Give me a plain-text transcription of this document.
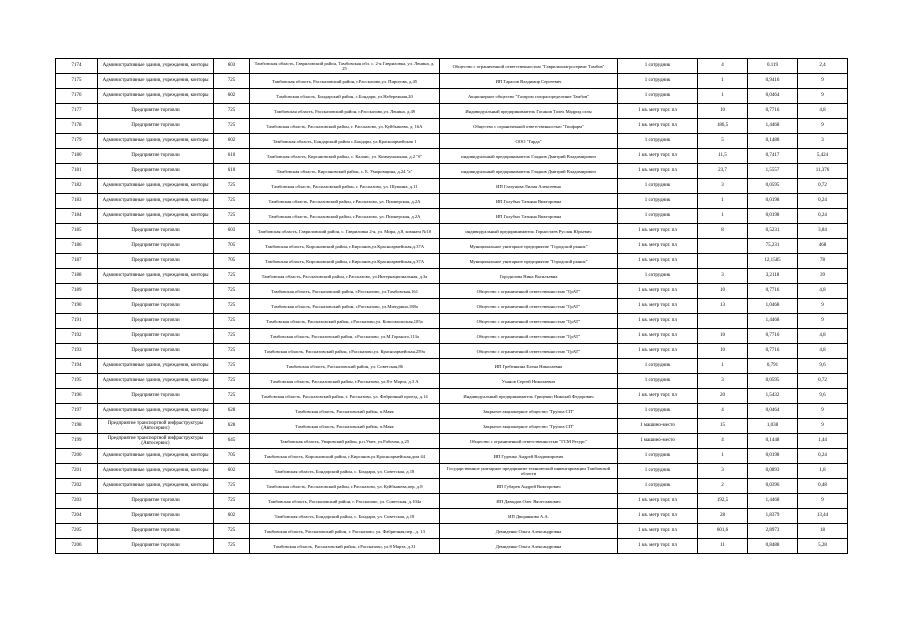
7174	Административные здания, учреждения, конторы	603	Тамбовская область, Гавриловский район, Тамбовская обл. с. 2-я Гавриловка, ул. Ленина, д. 25	Общество с ограниченной ответственностью "Гаврилмолагросервис Тамбов"	1 сотрудник	4	0.119	2,4
7175	Административные здания, учреждения, конторы	725	Тамбовская область, Рассказовский район, г.Рассказово,ул. Пирогова, д.45	ИП Тарасов Владимир Сергеевич	1 сотрудник	1	0,9416	9
7176	Административные здания, учреждения, конторы	602	Тамбовская область, Бондарский район, с.Бондари, ул.Набережная,20	Акционерное общество "Газпром газораспределение Тамбов"	1 сотрудник	1	0,0464	9
7177	Предприятие торговли	725	Тамбовская область, Рассказовский район, г.Рассказово,ул. Ленина, д.49	Индивидуальный предприниматель Гасанов Талех Мадрид оглы	1 кв. метр торг. пл	10	0,7716	4,8
7178	Предприятие торговли	725	Тамбовская область, Рассказовский район, г. Рассказово, ул. Куйбышева, д. 16А	Общество с ограниченной ответственностью "Гиофарм"	1 кв. метр торг. пл	186,5	1,4468	9
7179	Административные здания, учреждения, конторы	602	Тамбовская область, Бондарский район с.Бондари, ул.Красноармейская 1	ООО "Гарда"	1 сотрудник	5	0,1488	3
7180	Предприятие торговли	610	Тамбовская область, Кирсановский район, с. Калаис, ул. Коммунальная, д.2 "б"	индивидуальный предприниматель Гладков Дмитрий Владимирович	1 кв. метр торг. пл	11,5	0,7417	5,424
7181	Предприятие торговли	610	Тамбовская область, Кирсановский район, с. Б. Умаровщина, д.24 "а"	индивидуальный предприниматель Гладков Дмитрий Владимирович	1 кв. метр торг. пл	23,7	1,5557	11,376
7182	Административные здания, учреждения, конторы	725	Тамбовская область, Рассказовский район, г. Рассказово, ул. Шушина, д.11	ИП Глазунова Лилия Алексеевна	1 сотрудник	3	0,0595	0,72
7183	Административные здания, учреждения, конторы	725	Тамбовская область, Рассказовский район, г.Рассказово, ул. Пионерская, д.2А	ИП Голубых Татьяна Викторовна	1 сотрудник	1	0,0198	0,24
7184	Административные здания, учреждения, конторы	725	Тамбовская область, Рассказовский район, г.Рассказово, ул. Пионерская, д.2А	ИП Голубых Татьяна Викторовна	1 сотрудник	1	0,0198	0,24
7185	Предприятие торговли	603	Тамбовская область, Гавриловский район, с. Гавриловка 2-я, ул. Мира, д.8, комната №10	индивидуальный предприниматель Горностаев Руслан Юрьевич	1 кв. метр торг. пл	8	0,5231	3,84
7186	Предприятие торговли	705	Тамбовская область, Кирсановский район, г.Кирсанов,ул.Красноармейская,д.37А	Муниципальное унитарное предприятие "Городской рынок"	1 кв. метр торг. пл		75,231	468
7187	Предприятие торговли	705	Тамбовская область, Кирсановский район, г.Кирсанов,ул.Красноармейская,д.37А	Муниципальное унитарное предприятие "Городской рынок"	1 кв. метр торг. пл		12,1585	78
7188	Административные здания, учреждения, конторы	725	Тамбовская область, Рассказовский район, г.Рассказово, ул.Интернациональная, д.3а	Городилова Нина Васильевна	1 сотрудник	3	3,2118	39
7189	Предприятие торговли	725	Тамбовская область, Рассказовский район, г.Рассказово, ул.Тамбовская,161	Общество с ограниченной ответственностью "ГрАТ"	1 кв. метр торг. пл	10	0,7716	4,8
7190	Предприятие торговли	725	Тамбовская область, Рассказовский район, г.Рассказово, ул.Мичурина,188а	Общество с ограниченной ответственностью "ГрАТ"	1 кв. метр торг. пл	13	1,0468	9
7191	Предприятие торговли	725	Тамбовская область, Рассказовский район, г.Рассказово,ул. Комсомольская,105а	Общество с ограниченной ответственностью "ГрАТ"	1 кв. метр торг. пл		1,4468	9
7192	Предприятие торговли	725	Тамбовская область, Рассказовский район, г.Рассказово, ул.М.Горького,113а	Общество с ограниченной ответственностью "ГрАТ"	1 кв. метр торг. пл	10	0,7716	4,8
7193	Предприятие торговли	725	Тамбовская область, Рассказовский район, г.Рассказово,ул. Красноармейская,259а	Общество с ограниченной ответственностью "ГрАТ"	1 кв. метр торг. пл	10	0,7716	4,8
7194	Административные здания, учреждения, конторы	725	Тамбовская область, Рассказовский район, ул. Советская,86	ИП Гребенкина Елена Николаевна	1 сотрудник	1	0,791	9,6
7195	Административные здания, учреждения, конторы	725	Тамбовская область, Рассказовский район, г.Рассказово, ул.8-е Марта, д.3 А	Уханов Сергей Николаевич	1 сотрудник	3	0,0595	0,72
7196	Предприятие торговли	725	Тамбовская область, Рассказовский район, г. Рассказово, ул. Фабричный проезд, д.14	Индивидуальный предприниматель Гриценко Николай Федорович	1 кв. метр торг. пл	20	1,5432	9,6
7197	Административные здания, учреждения, конторы	628	Тамбовская область, Рассказовский район, п.Маяк	Закрытое акционерное общество "Группа СП"	1 сотрудник	4	0,0464	9
7198	Предприятие транспортной инфраструктуры (Автосервис)	628	Тамбовская область, Рассказовский район, п.Маяк	Закрытое акционерное общество "Группа СП"	1 машино-место	15	1,038	9
7199	Предприятие транспортной инфраструктуры (Автосервис)	645	Тамбовская область, Уваровский район, р.п.Умет, ул.Рабочая, д.25	Общество с ограниченной ответственностью "ГСМ Ресурс"	1 машино-место	4	0,1448	1,44
7200	Административные здания, учреждения, конторы	705	Тамбовская область, Кирсановский район, г.Кирсанов,ул.Красноармейская,дом 44	ИП Гуденко Андрей Владимирович	1 сотрудник	1	0,0198	0,24
7201	Административные здания, учреждения, конторы	602	Тамбовская область, Бондарский район, с. Бондари, ул. Советская, д.18	Государственное унитарное предприятие технической инвентаризации Тамбовской области	1 сотрудник	3	0,0893	1,8
7202	Административные здания, учреждения, конторы	725	Тамбовская область, Рассказовский район, г.Рассказово, ул. Куйбышева,пер, д.8	ИП Губарев Андрей Викторович	1 сотрудник	2	0,0396	0,48
7203	Предприятие торговли	725	Тамбовская область, Рассказовский район, г. Рассказово, ул. Советская, д.104а	ИП Давыдов Олег Вячеславович	1 кв. метр торг. пл	192,5	1,4468	9
7204	Предприятие торговли	602	Тамбовская область, Бондарский район, с. Бондари, ул. Советская, д.18	ИП Дворянкова А.А.	1 кв. метр торг. пл	28	1,8379	13,44
7205	Предприятие торговли	725	Тамбовская область, Рассказовский район, г. Рассказово, ул. Фабричная,пер., д. 13	Демиденко Ольга Александровна	1 кв. метр торг. пл	601,6	2,8973	18
7206	Предприятие торговли	725	Тамбовская область, Рассказовский район, г.Рассказово, ул.8 Марта, д.31	Демиденко Ольга Александровна	1 кв. метр торг. пл	11	0,8488	5,28
